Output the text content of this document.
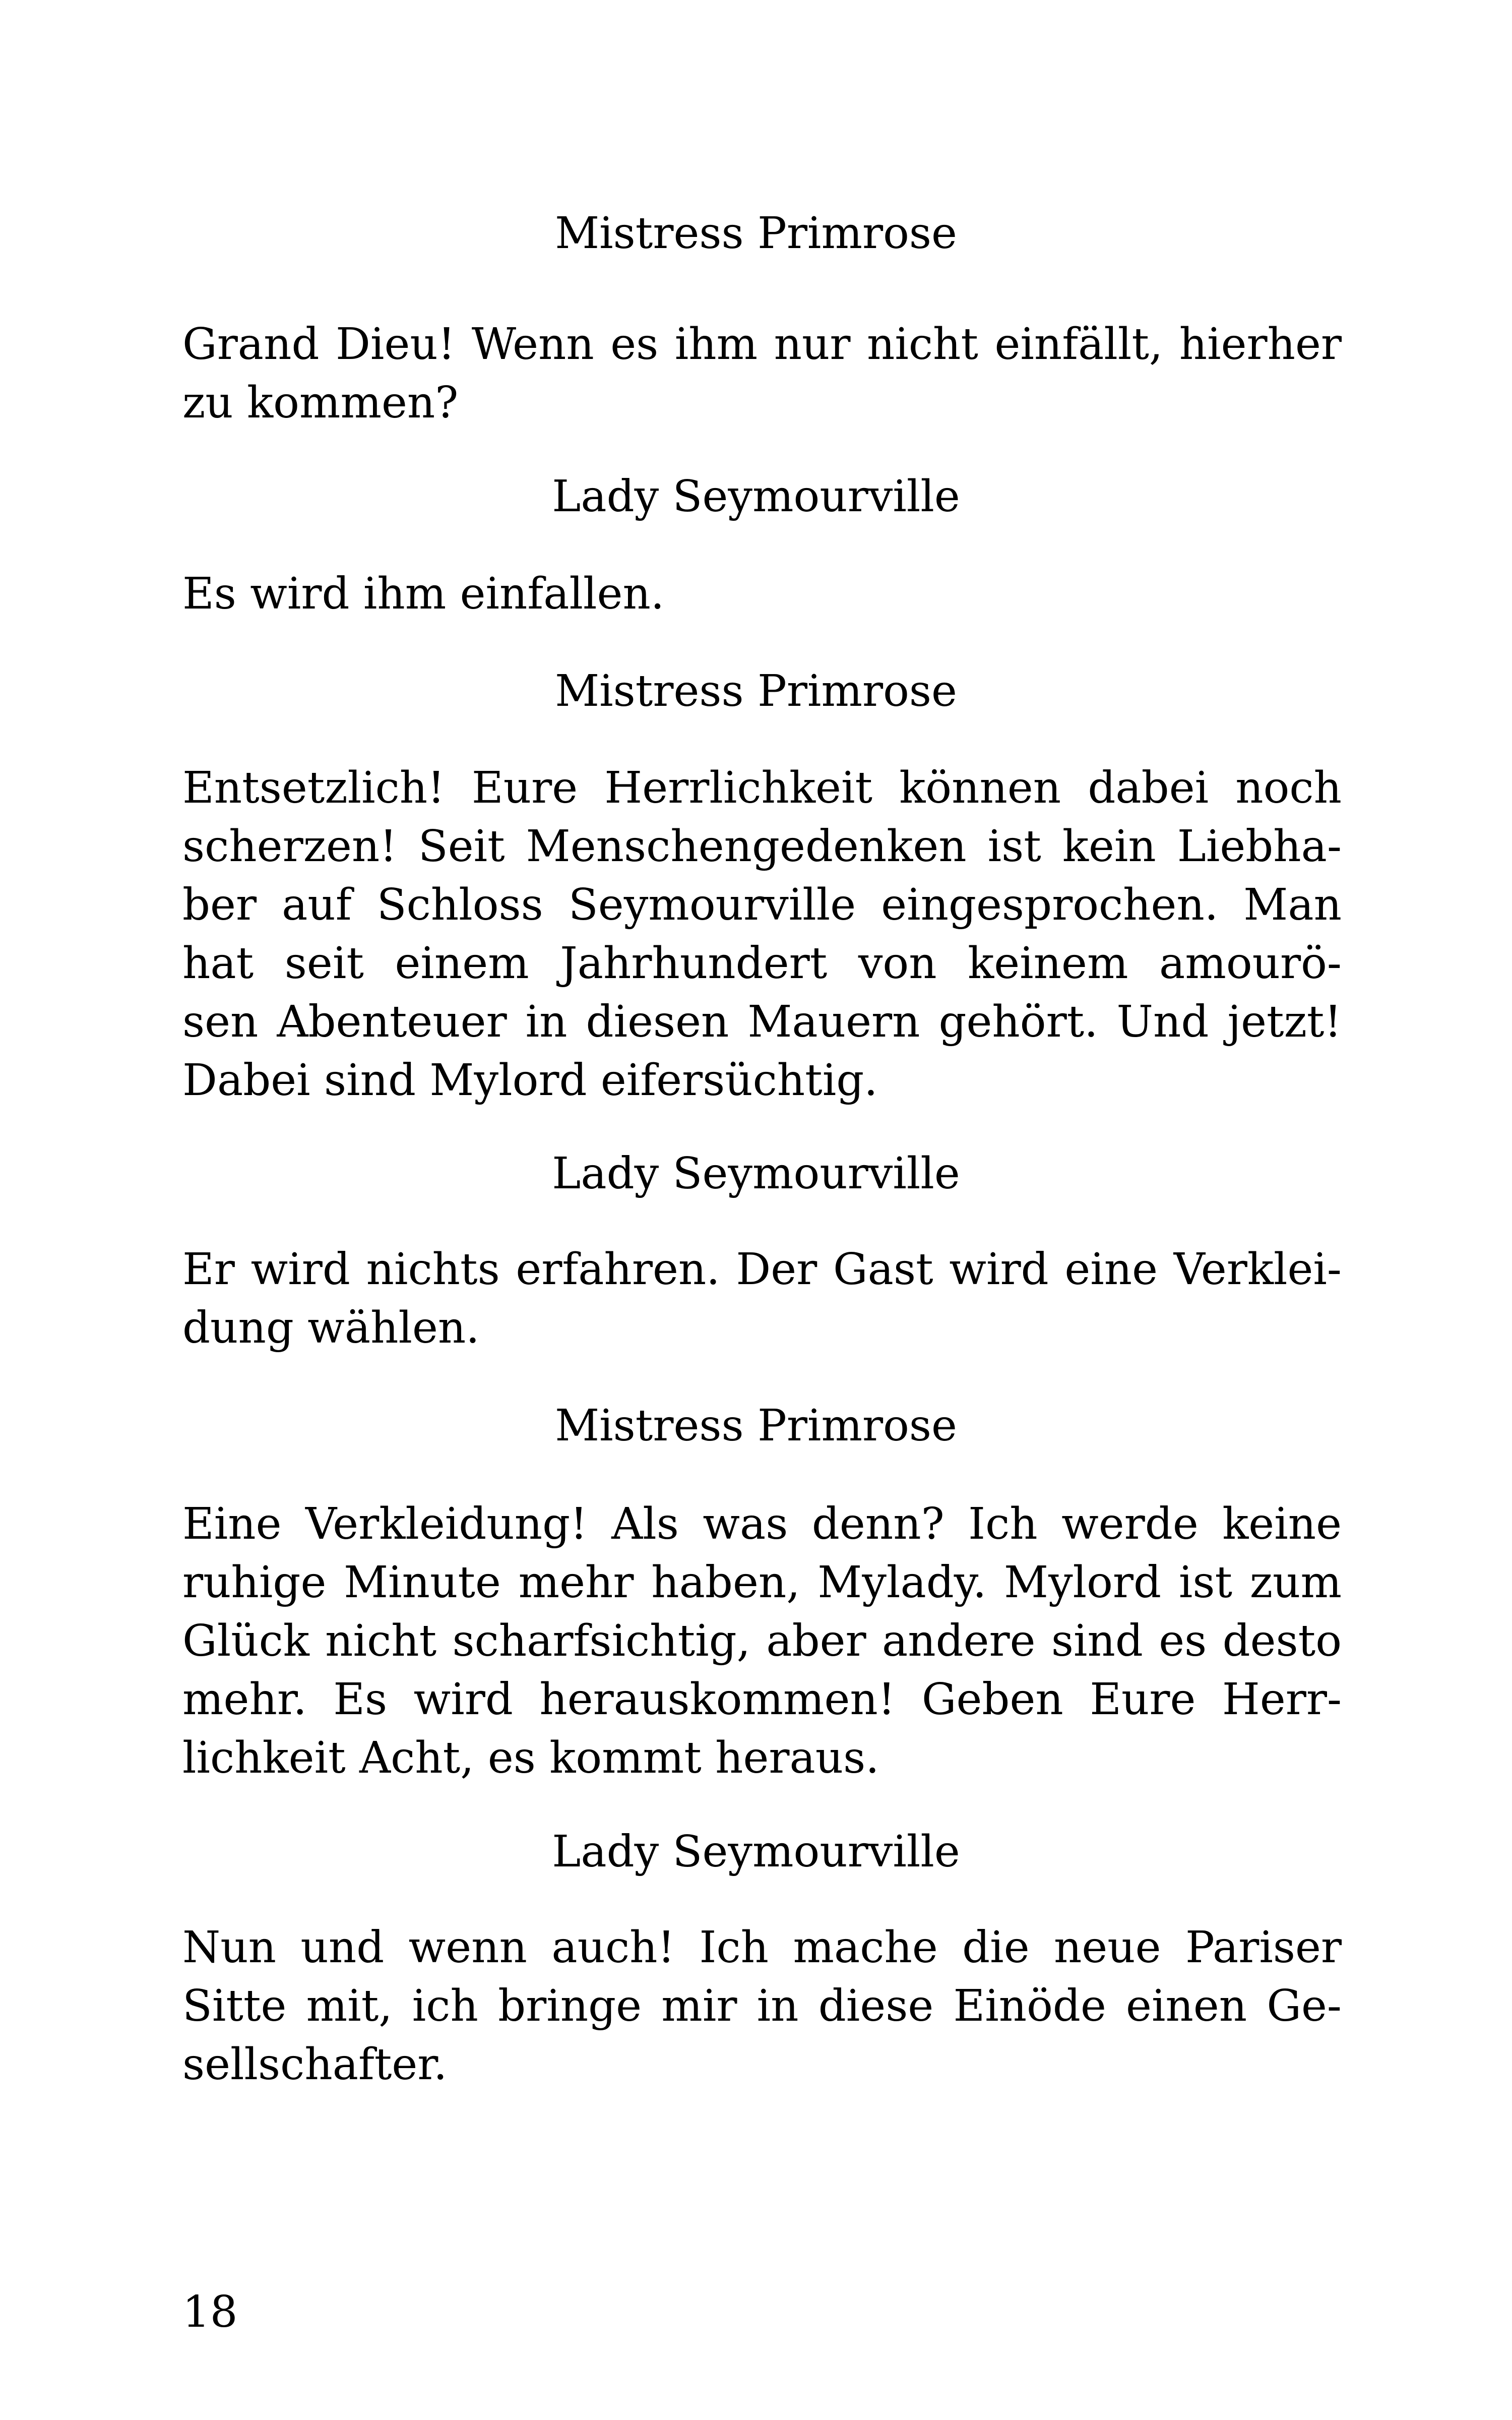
Mistress Primrose

Grand Dieu! Wenn es ihm nur nicht einfällt, hierher
zu kommen?

Lady Seymourville

Es wird ihm einfallen.

Mistress Primrose

Entsetzlich! Eure Herrlichkeit können dabei noch
scherzen! Seit Menschengedenken ist kein Liebha-
ber auf Schloss Seymourville eingesprochen. Man
hat seit einem Jahrhundert von keinem amourö-
sen Abenteuer in diesen Mauern gehört. Und jetzt!
Dabei sind Mylord eifersüchtig.

Lady Seymourville

Er wird nichts erfahren. Der Gast wird eine Verklei-
dung wählen.

Mistress Primrose

Eine Verkleidung! Als was denn? Ich werde keine
ruhige Minute mehr haben, Mylady. Mylord ist zum
Glück nicht scharfsichtig, aber andere sind es desto
mehr. Es wird herauskommen! Geben Eure Herr-
lichkeit Acht, es kommt heraus.

Lady Seymourville

Nun und wenn auch! Ich mache die neue Pariser
Sitte mit, ich bringe mir in diese Einöde einen Ge-
sellschafter.

18
